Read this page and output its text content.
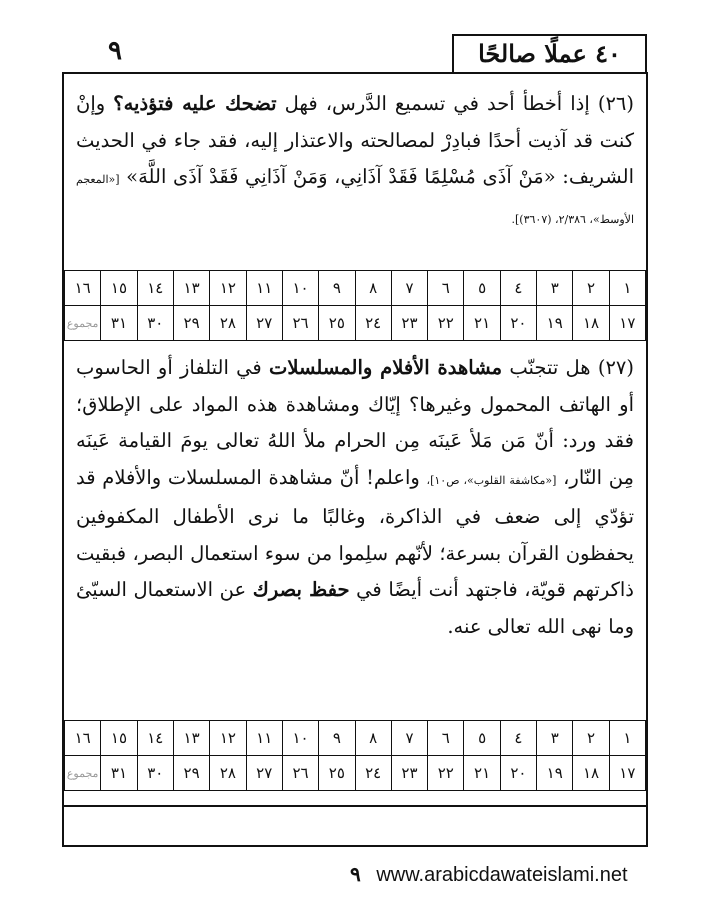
٩	٤٠ عملًا صالحًا

(٢٦) إذا أخطأ أحد في تسميع الدَّرس، فهل تضحك عليه فتؤذيه؟ وإنْ كنت قد آذيت أحدًا فبادِرْ لمصالحته والاعتذار إليه، فقد جاء في الحديث الشريف: «مَنْ آذَى مُسْلِمًا فَقَدْ آذَانِي، وَمَنْ آذَانِي فَقَدْ آذَى اللَّهَ» [«المعجم الأوسط»، ٢/٣٨٦، (٣٦٠٧)].

١	٢	٣	٤	٥	٦	٧	٨	٩	١٠	١١	١٢	١٣	١٤	١٥	١٦
١٧	١٨	١٩	٢٠	٢١	٢٢	٢٣	٢٤	٢٥	٢٦	٢٧	٢٨	٢٩	٣٠	٣١	مجموع

(٢٧) هل تتجنّب مشاهدة الأفلام والمسلسلات في التلفاز أو الحاسوب أو الهاتف المحمول وغيرها؟ إيّاك ومشاهدة هذه المواد على الإطلاق؛ فقد ورد: أنّ مَن مَلأ عَينَه مِن الحرام ملأ اللهُ تعالى يومَ القيامة عَينَه مِن النّار، [«مكاشفة القلوب»، ص١٠]، واعلم! أنّ مشاهدة المسلسلات والأفلام قد تؤدّي إلى ضعف في الذاكرة، وغالبًا ما نرى الأطفال المكفوفين يحفظون القرآن بسرعة؛ لأنّهم سلِموا من سوء استعمال البصر، فبقيت ذاكرتهم قويّة، فاجتهد أنت أيضًا في حفظ بصرك عن الاستعمال السيّئ وما نهى الله تعالى عنه.

١	٢	٣	٤	٥	٦	٧	٨	٩	١٠	١١	١٢	١٣	١٤	١٥	١٦
١٧	١٨	١٩	٢٠	٢١	٢٢	٢٣	٢٤	٢٥	٢٦	٢٧	٢٨	٢٩	٣٠	٣١	مجموع
٩ www.arabicdawateislami.net
